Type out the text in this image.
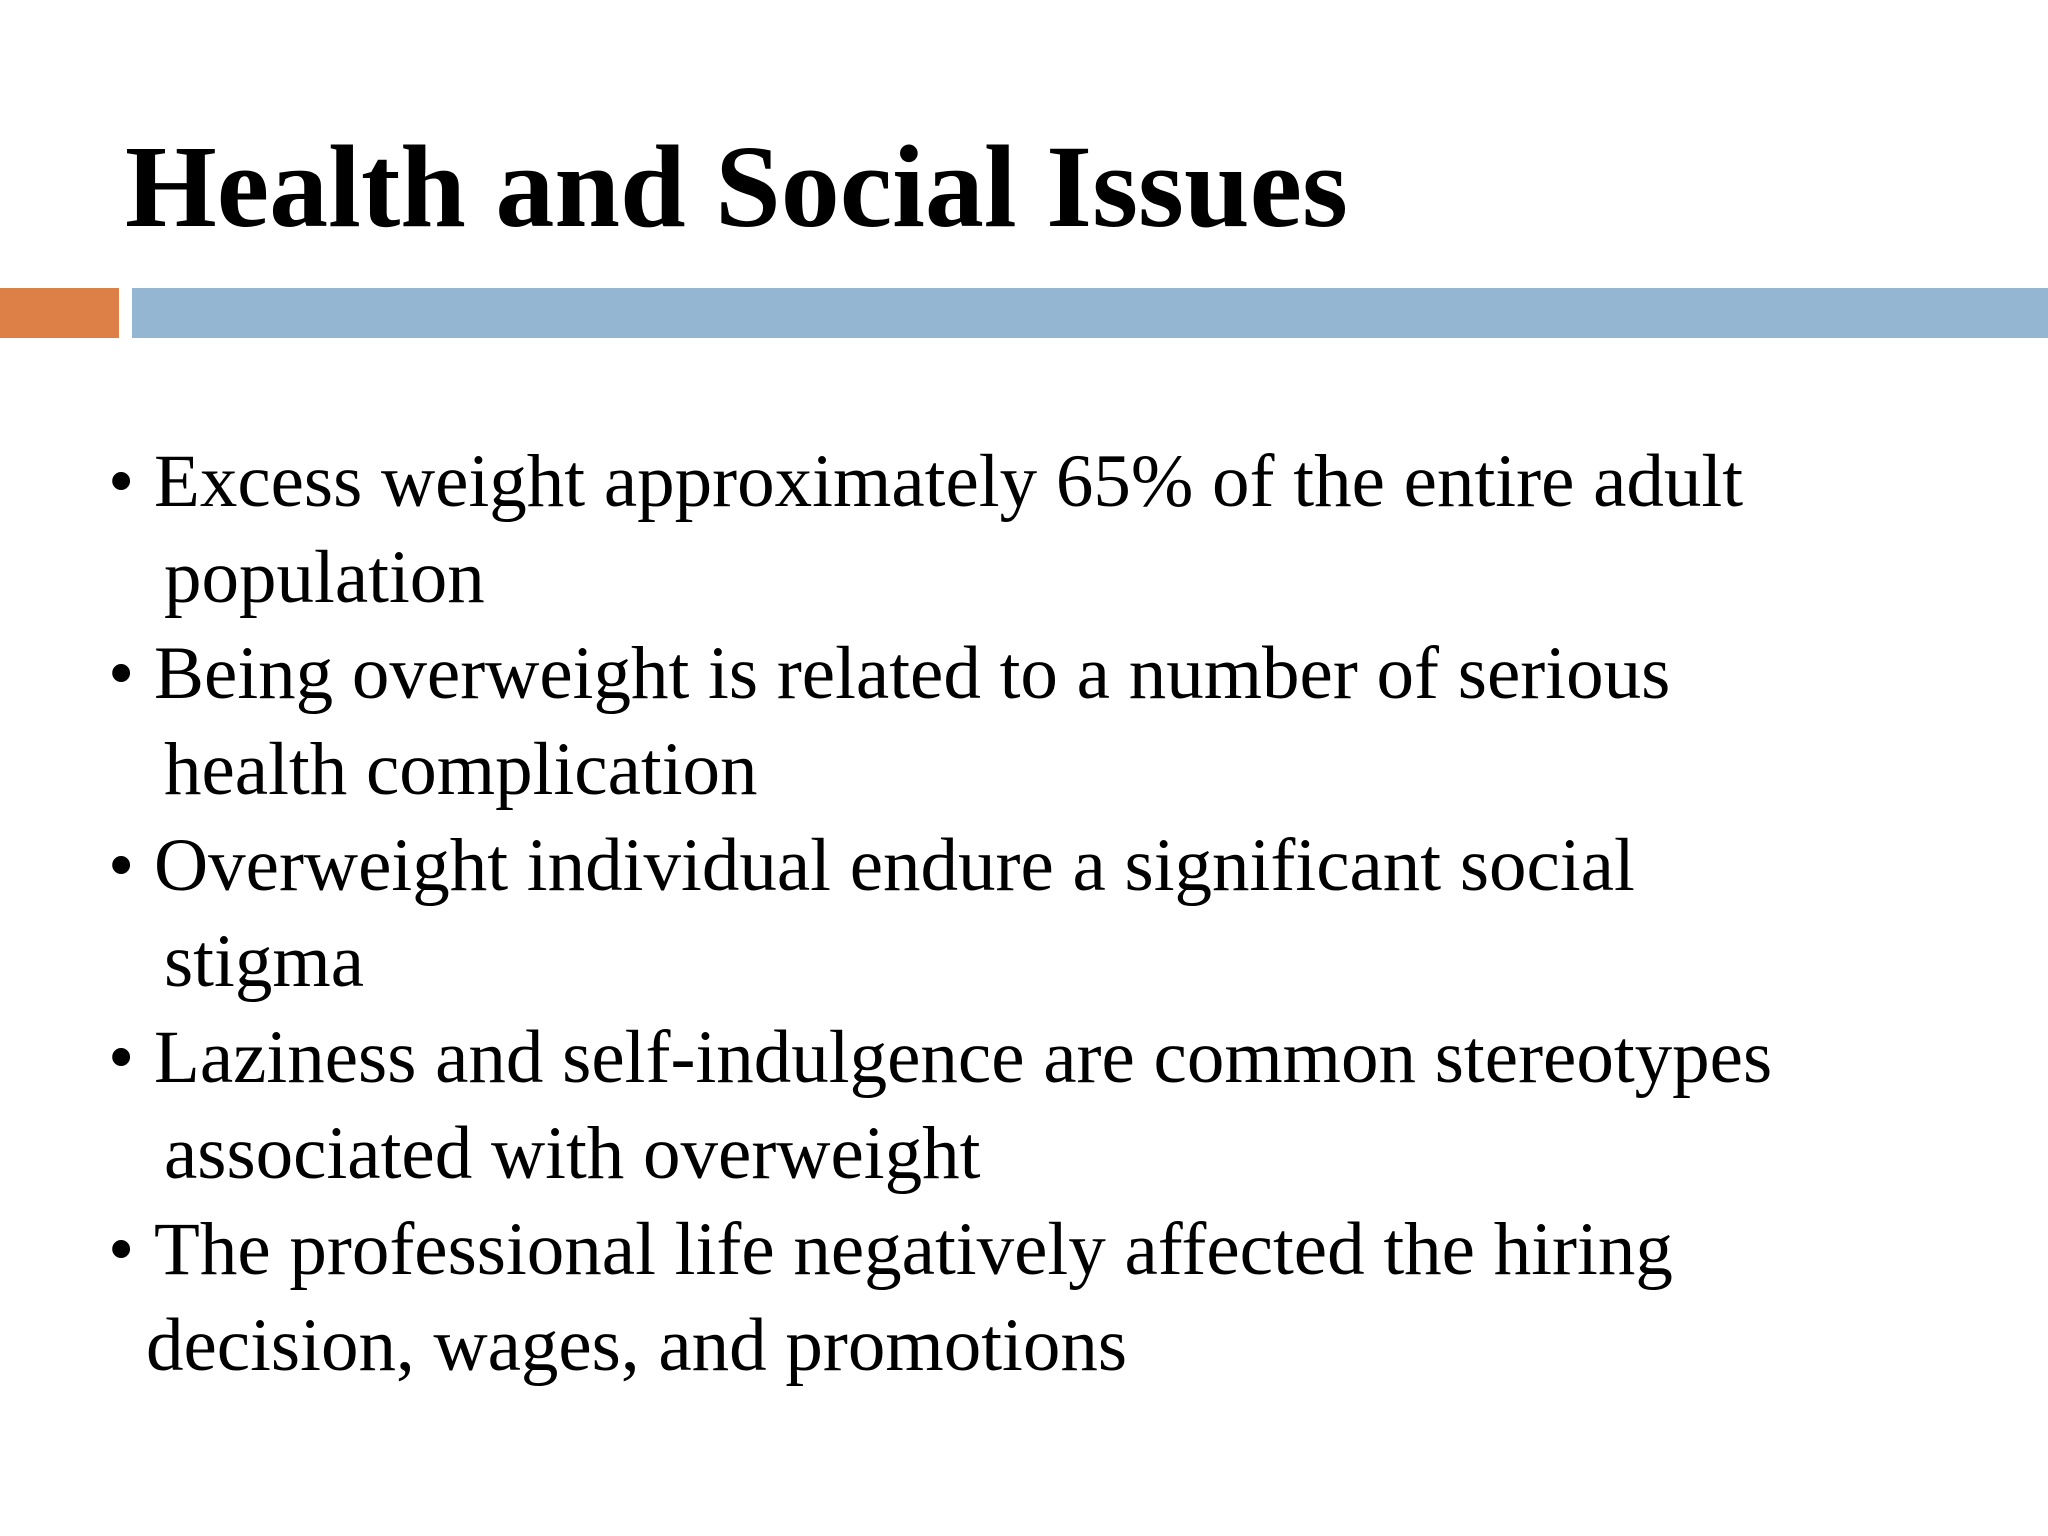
Health and Social Issues
• Excess weight approximately 65% of the entire adult
population
• Being overweight is related to a number of serious
health complication
• Overweight individual endure a significant social
stigma
• Laziness and self-indulgence are common stereotypes
associated with overweight
• The professional life negatively affected the hiring
decision, wages, and promotions
